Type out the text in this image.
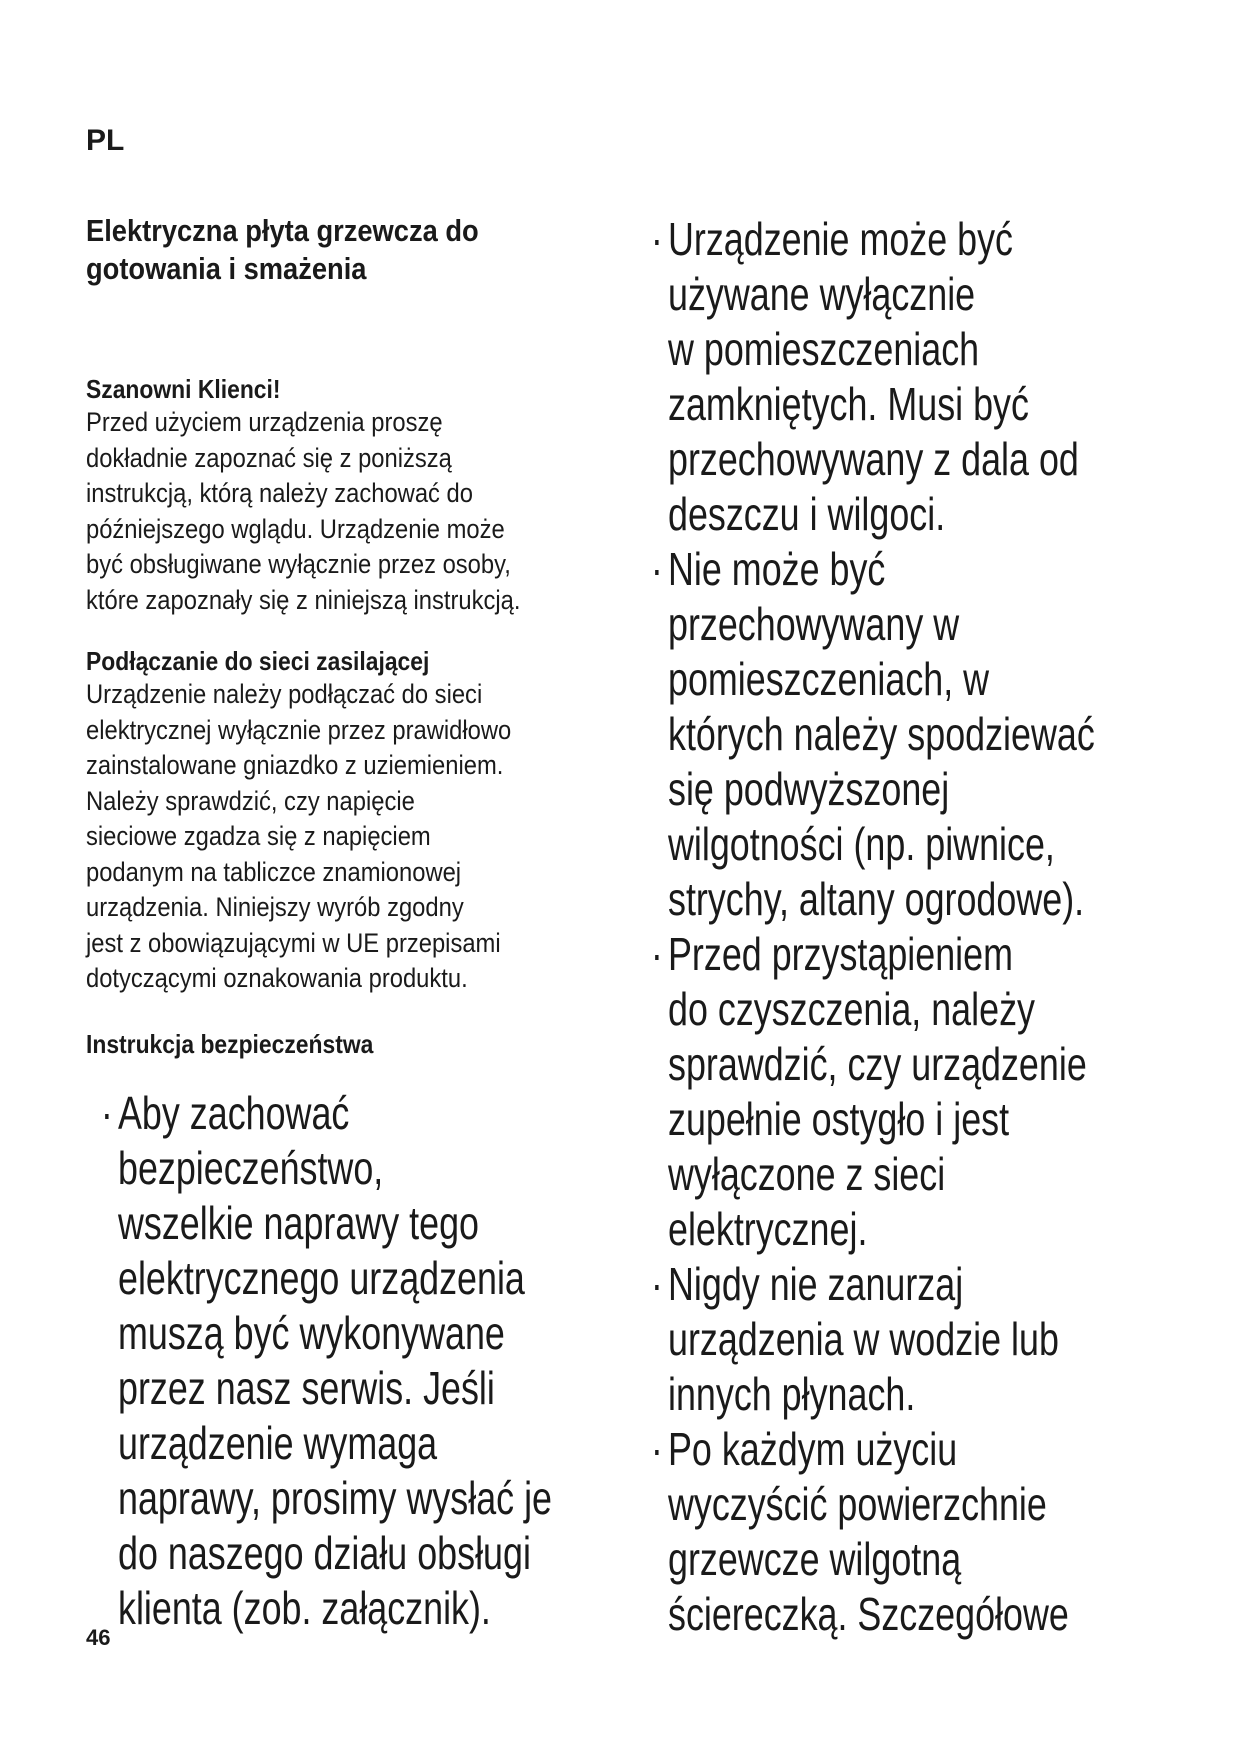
PL
Elektryczna płyta grzewcza do
gotowania i smażenia
Szanowni Klienci!
Przed użyciem urządzenia proszę
dokładnie zapoznać się z poniższą
instrukcją, którą należy zachować do
późniejszego wglądu. Urządzenie może
być obsługiwane wyłącznie przez osoby,
które zapoznały się z niniejszą instrukcją.
Podłączanie do sieci zasilającej
Urządzenie należy podłączać do sieci
elektrycznej wyłącznie przez prawidłowo
zainstalowane gniazdko z uziemieniem.
Należy sprawdzić, czy napięcie
sieciowe zgadza się z napięciem
podanym na tabliczce znamionowej
urządzenia. Niniejszy wyrób zgodny
jest z obowiązującymi w UE przepisami
dotyczącymi oznakowania produktu.
Instrukcja bezpieczeństwa
· Aby zachować
bezpieczeństwo,
wszelkie naprawy tego
elektrycznego urządzenia
muszą być wykonywane
przez nasz serwis. Jeśli
urządzenie wymaga
naprawy, prosimy wysłać je
do naszego działu obsługi
klienta (zob. załącznik).
· Urządzenie może być
używane wyłącznie
w pomieszczeniach
zamkniętych. Musi być
przechowywany z dala od
deszczu i wilgoci.
· Nie może być
przechowywany w
pomieszczeniach, w
których należy spodziewać
się podwyższonej
wilgotności (np. piwnice,
strychy, altany ogrodowe).
· Przed przystąpieniem
do czyszczenia, należy
sprawdzić, czy urządzenie
zupełnie ostygło i jest
wyłączone z sieci
elektrycznej.
· Nigdy nie zanurzaj
urządzenia w wodzie lub
innych płynach.
· Po każdym użyciu
wyczyścić powierzchnie
grzewcze wilgotną
ściereczką. Szczegółowe
46
